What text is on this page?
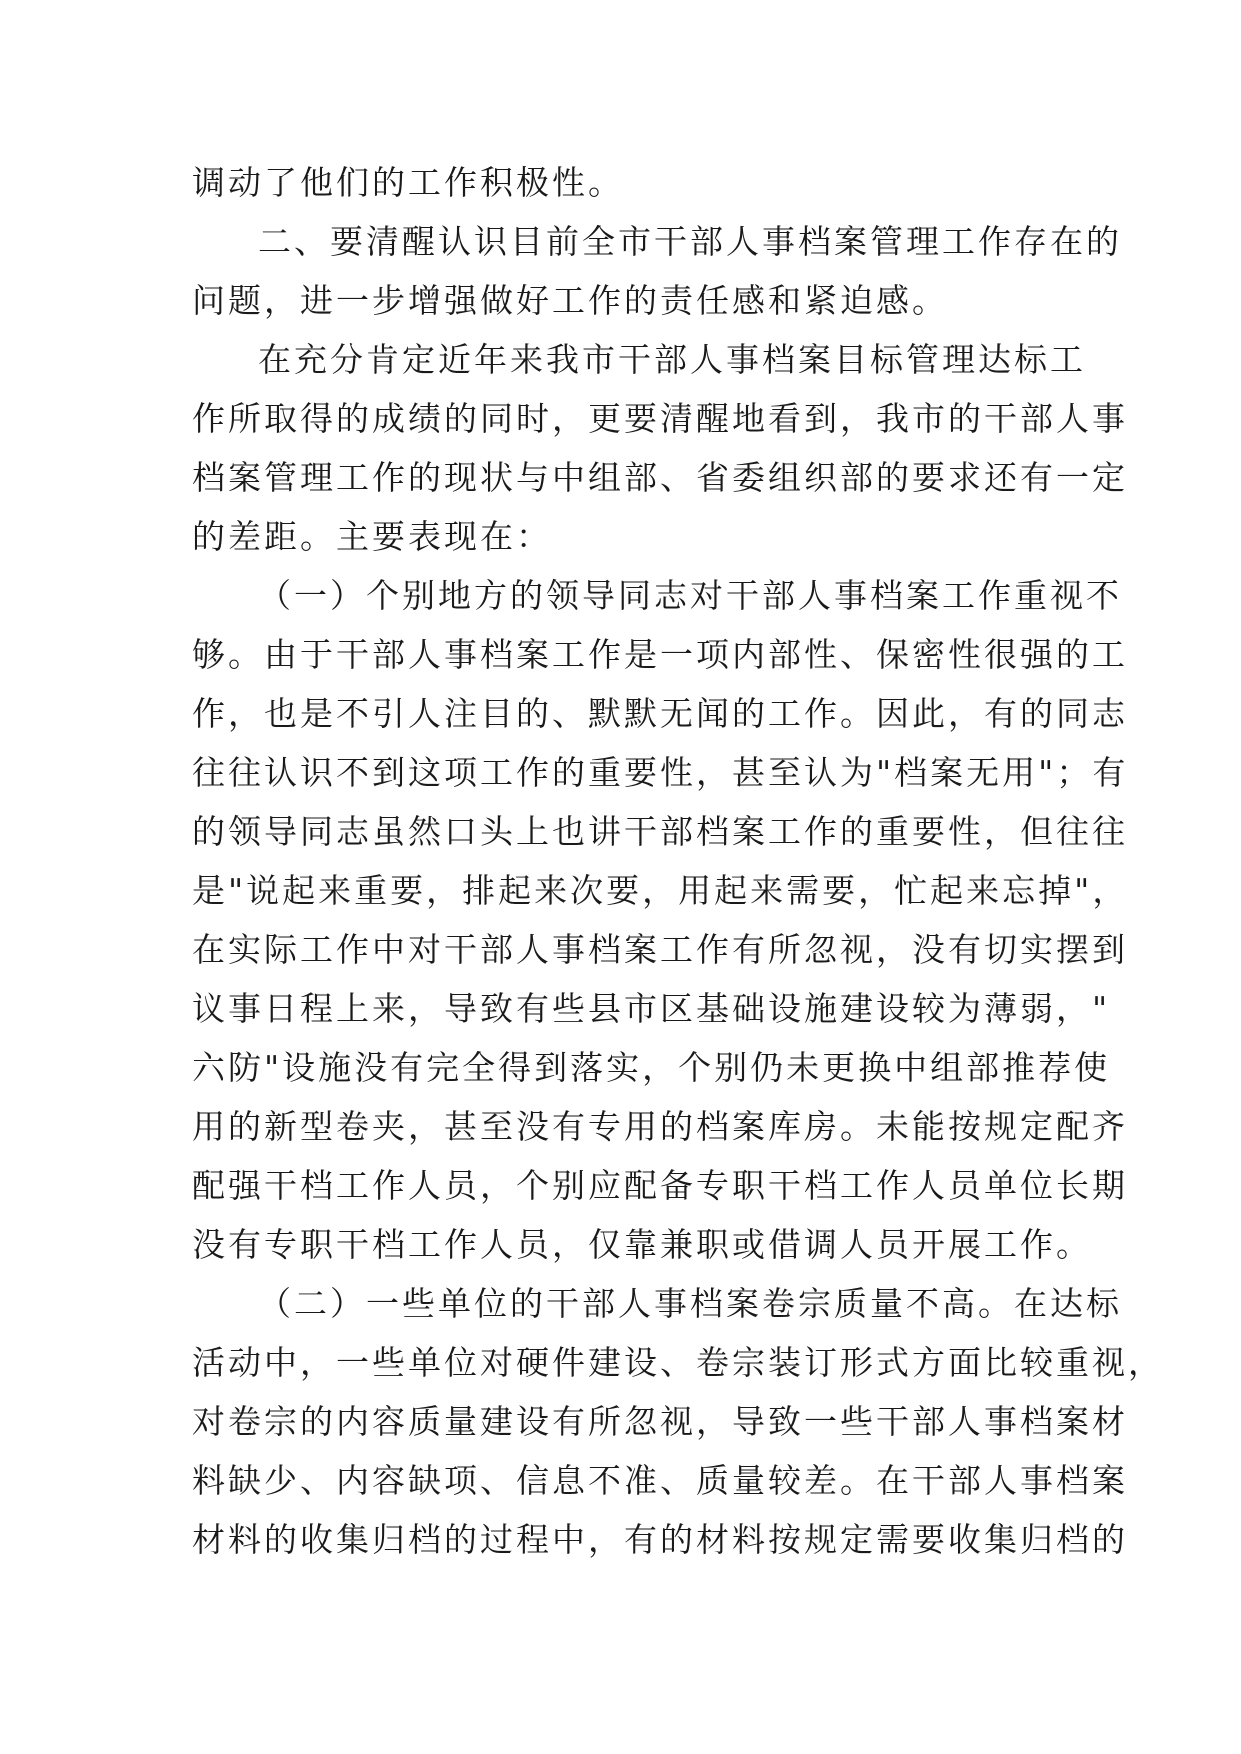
调动了他们的工作积极性。
二、要清醒认识目前全市干部人事档案管理工作存在的
问题，进一步增强做好工作的责任感和紧迫感。
在充分肯定近年来我市干部人事档案目标管理达标工
作所取得的成绩的同时，更要清醒地看到，我市的干部人事
档案管理工作的现状与中组部、省委组织部的要求还有一定
的差距。主要表现在：
（一）个别地方的领导同志对干部人事档案工作重视不
够。由于干部人事档案工作是一项内部性、保密性很强的工
作，也是不引人注目的、默默无闻的工作。因此，有的同志
往往认识不到这项工作的重要性，甚至认为"档案无用"；有
的领导同志虽然口头上也讲干部档案工作的重要性，但往往
是"说起来重要，排起来次要，用起来需要，忙起来忘掉"，
在实际工作中对干部人事档案工作有所忽视，没有切实摆到
议事日程上来，导致有些县市区基础设施建设较为薄弱，"
六防"设施没有完全得到落实，个别仍未更换中组部推荐使
用的新型卷夹，甚至没有专用的档案库房。未能按规定配齐
配强干档工作人员，个别应配备专职干档工作人员单位长期
没有专职干档工作人员，仅靠兼职或借调人员开展工作。
（二）一些单位的干部人事档案卷宗质量不高。在达标
活动中，一些单位对硬件建设、卷宗装订形式方面比较重视，
对卷宗的内容质量建设有所忽视，导致一些干部人事档案材
料缺少、内容缺项、信息不准、质量较差。在干部人事档案
材料的收集归档的过程中，有的材料按规定需要收集归档的
